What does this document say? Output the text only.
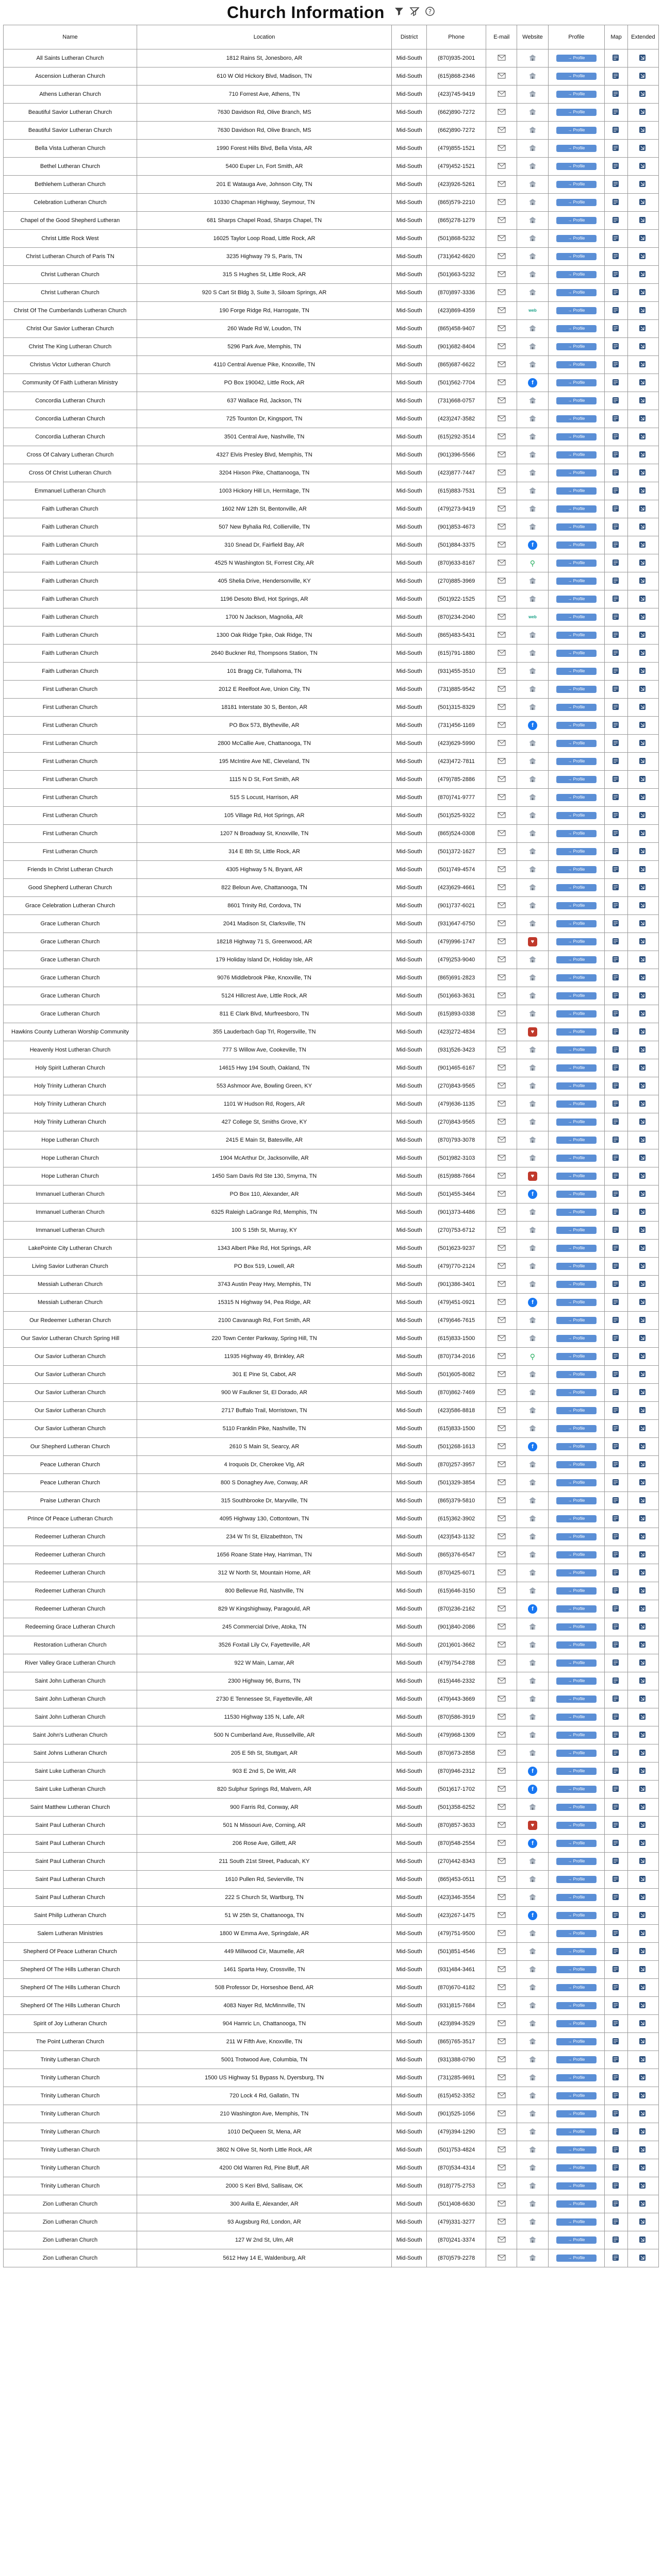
Church Information	?
Name	Location	District	Phone	E-mail	Website	Profile	Map	Extended
All Saints Lutheran Church	1812 Rains St, Jonesboro, AR	Mid-South	(870)935-2001			→ Profile		
Ascension Lutheran Church	610 W Old Hickory Blvd, Madison, TN	Mid-South	(615)868-2346			→ Profile		
Athens Lutheran Church	710 Forrest Ave, Athens, TN	Mid-South	(423)745-9419			→ Profile		
Beautiful Savior Lutheran Church	7630 Davidson Rd, Olive Branch, MS	Mid-South	(662)890-7272			→ Profile		
Beautiful Savior Lutheran Church	7630 Davidson Rd, Olive Branch, MS	Mid-South	(662)890-7272			→ Profile		
Bella Vista Lutheran Church	1990 Forest Hills Blvd, Bella Vista, AR	Mid-South	(479)855-1521			→ Profile		
Bethel Lutheran Church	5400 Euper Ln, Fort Smith, AR	Mid-South	(479)452-1521			→ Profile		
Bethlehem Lutheran Church	201 E Watauga Ave, Johnson City, TN	Mid-South	(423)926-5261			→ Profile		
Celebration Lutheran Church	10330 Chapman Highway, Seymour, TN	Mid-South	(865)579-2210			→ Profile		
Chapel of the Good Shepherd Lutheran	681 Sharps Chapel Road, Sharps Chapel, TN	Mid-South	(865)278-1279			→ Profile		
Christ Little Rock West	16025 Taylor Loop Road, Little Rock, AR	Mid-South	(501)868-5232			→ Profile		
Christ Lutheran Church of Paris TN	3235 Highway 79 S, Paris, TN	Mid-South	(731)642-6620			→ Profile		
Christ Lutheran Church	315 S Hughes St, Little Rock, AR	Mid-South	(501)663-5232			→ Profile		
Christ Lutheran Church	920 S Cart St Bldg 3, Suite 3, Siloam Springs, AR	Mid-South	(870)897-3336			→ Profile		
Christ Of The Cumberlands Lutheran Church	190 Forge Ridge Rd, Harrogate, TN	Mid-South	(423)869-4359		web	→ Profile		
Christ Our Savior Lutheran Church	260 Wade Rd W, Loudon, TN	Mid-South	(865)458-9407			→ Profile		
Christ The King Lutheran Church	5296 Park Ave, Memphis, TN	Mid-South	(901)682-8404			→ Profile		
Christus Victor Lutheran Church	4110 Central Avenue Pike, Knoxville, TN	Mid-South	(865)687-6622			→ Profile		
Community Of Faith Lutheran Ministry	PO Box 190042, Little Rock, AR	Mid-South	(501)562-7704		f	→ Profile		
Concordia Lutheran Church	637 Wallace Rd, Jackson, TN	Mid-South	(731)668-0757			→ Profile		
Concordia Lutheran Church	725 Tounton Dr, Kingsport, TN	Mid-South	(423)247-3582			→ Profile		
Concordia Lutheran Church	3501 Central Ave, Nashville, TN	Mid-South	(615)292-3514			→ Profile		
Cross Of Calvary Lutheran Church	4327 Elvis Presley Blvd, Memphis, TN	Mid-South	(901)396-5566			→ Profile		
Cross Of Christ Lutheran Church	3204 Hixson Pike, Chattanooga, TN	Mid-South	(423)877-7447			→ Profile		
Emmanuel Lutheran Church	1003 Hickory Hill Ln, Hermitage, TN	Mid-South	(615)883-7531			→ Profile		
Faith Lutheran Church	1602 NW 12th St, Bentonville, AR	Mid-South	(479)273-9419			→ Profile		
Faith Lutheran Church	507 New Byhalia Rd, Collierville, TN	Mid-South	(901)853-4673			→ Profile		
Faith Lutheran Church	310 Snead Dr, Fairfield Bay, AR	Mid-South	(501)884-3375		f	→ Profile		
Faith Lutheran Church	4525 N Washington St, Forrest City, AR	Mid-South	(870)633-8167		⚲	→ Profile		
Faith Lutheran Church	405 Shelia Drive, Hendersonville, KY	Mid-South	(270)885-3969			→ Profile		
Faith Lutheran Church	1196 Desoto Blvd, Hot Springs, AR	Mid-South	(501)922-1525			→ Profile		
Faith Lutheran Church	1700 N Jackson, Magnolia, AR	Mid-South	(870)234-2040		web	→ Profile		
Faith Lutheran Church	1300 Oak Ridge Tpke, Oak Ridge, TN	Mid-South	(865)483-5431			→ Profile		
Faith Lutheran Church	2640 Buckner Rd, Thompsons Station, TN	Mid-South	(615)791-1880			→ Profile		
Faith Lutheran Church	101 Bragg Cir, Tullahoma, TN	Mid-South	(931)455-3510			→ Profile		
First Lutheran Church	2012 E Reelfoot Ave, Union City, TN	Mid-South	(731)885-9542			→ Profile		
First Lutheran Church	18181 Interstate 30 S, Benton, AR	Mid-South	(501)315-8329			→ Profile		
First Lutheran Church	PO Box 573, Blytheville, AR	Mid-South	(731)456-1169		f	→ Profile		
First Lutheran Church	2800 McCallie Ave, Chattanooga, TN	Mid-South	(423)629-5990			→ Profile		
First Lutheran Church	195 McIntire Ave NE, Cleveland, TN	Mid-South	(423)472-7811			→ Profile		
First Lutheran Church	1115 N D St, Fort Smith, AR	Mid-South	(479)785-2886			→ Profile		
First Lutheran Church	515 S Locust, Harrison, AR	Mid-South	(870)741-9777			→ Profile		
First Lutheran Church	105 Village Rd, Hot Springs, AR	Mid-South	(501)525-9322			→ Profile		
First Lutheran Church	1207 N Broadway St, Knoxville, TN	Mid-South	(865)524-0308			→ Profile		
First Lutheran Church	314 E 8th St, Little Rock, AR	Mid-South	(501)372-1627			→ Profile		
Friends In Christ Lutheran Church	4305 Highway 5 N, Bryant, AR	Mid-South	(501)749-4574			→ Profile		
Good Shepherd Lutheran Church	822 Beloun Ave, Chattanooga, TN	Mid-South	(423)629-4661			→ Profile		
Grace Celebration Lutheran Church	8601 Trinity Rd, Cordova, TN	Mid-South	(901)737-6021			→ Profile		
Grace Lutheran Church	2041 Madison St, Clarksville, TN	Mid-South	(931)647-6750			→ Profile		
Grace Lutheran Church	18218 Highway 71 S, Greenwood, AR	Mid-South	(479)996-1747		♥	→ Profile		
Grace Lutheran Church	179 Holiday Island Dr, Holiday Isle, AR	Mid-South	(479)253-9040			→ Profile		
Grace Lutheran Church	9076 Middlebrook Pike, Knoxville, TN	Mid-South	(865)691-2823			→ Profile		
Grace Lutheran Church	5124 Hillcrest Ave, Little Rock, AR	Mid-South	(501)663-3631			→ Profile		
Grace Lutheran Church	811 E Clark Blvd, Murfreesboro, TN	Mid-South	(615)893-0338			→ Profile		
Hawkins County Lutheran Worship Community	355 Lauderbach Gap Trl, Rogersville, TN	Mid-South	(423)272-4834		♥	→ Profile		
Heavenly Host Lutheran Church	777 S Willow Ave, Cookeville, TN	Mid-South	(931)526-3423			→ Profile		
Holy Spirit Lutheran Church	14615 Hwy 194 South, Oakland, TN	Mid-South	(901)465-6167			→ Profile		
Holy Trinity Lutheran Church	553 Ashmoor Ave, Bowling Green, KY	Mid-South	(270)843-9565			→ Profile		
Holy Trinity Lutheran Church	1101 W Hudson Rd, Rogers, AR	Mid-South	(479)636-1135			→ Profile		
Holy Trinity Lutheran Church	427 College St, Smiths Grove, KY	Mid-South	(270)843-9565			→ Profile		
Hope Lutheran Church	2415 E Main St, Batesville, AR	Mid-South	(870)793-3078			→ Profile		
Hope Lutheran Church	1904 McArthur Dr, Jacksonville, AR	Mid-South	(501)982-3103			→ Profile		
Hope Lutheran Church	1450 Sam Davis Rd Ste 130, Smyrna, TN	Mid-South	(615)988-7664		♥	→ Profile		
Immanuel Lutheran Church	PO Box 110, Alexander, AR	Mid-South	(501)455-3464		f	→ Profile		
Immanuel Lutheran Church	6325 Raleigh LaGrange Rd, Memphis, TN	Mid-South	(901)373-4486			→ Profile		
Immanuel Lutheran Church	100 S 15th St, Murray, KY	Mid-South	(270)753-6712			→ Profile		
LakePointe City Lutheran Church	1343 Albert Pike Rd, Hot Springs, AR	Mid-South	(501)623-9237			→ Profile		
Living Savior Lutheran Church	PO Box 519, Lowell, AR	Mid-South	(479)770-2124			→ Profile		
Messiah Lutheran Church	3743 Austin Peay Hwy, Memphis, TN	Mid-South	(901)386-3401			→ Profile		
Messiah Lutheran Church	15315 N Highway 94, Pea Ridge, AR	Mid-South	(479)451-0921		f	→ Profile		
Our Redeemer Lutheran Church	2100 Cavanaugh Rd, Fort Smith, AR	Mid-South	(479)646-7615			→ Profile		
Our Savior Lutheran Church Spring Hill	220 Town Center Parkway, Spring Hill, TN	Mid-South	(615)833-1500			→ Profile		
Our Savior Lutheran Church	11935 Highway 49, Brinkley, AR	Mid-South	(870)734-2016		⚲	→ Profile		
Our Savior Lutheran Church	301 E Pine St, Cabot, AR	Mid-South	(501)605-8082			→ Profile		
Our Savior Lutheran Church	900 W Faulkner St, El Dorado, AR	Mid-South	(870)862-7469			→ Profile		
Our Savior Lutheran Church	2717 Buffalo Trail, Morristown, TN	Mid-South	(423)586-8818			→ Profile		
Our Savior Lutheran Church	5110 Franklin Pike, Nashville, TN	Mid-South	(615)833-1500			→ Profile		
Our Shepherd Lutheran Church	2610 S Main St, Searcy, AR	Mid-South	(501)268-1613		f	→ Profile		
Peace Lutheran Church	4 Iroquois Dr, Cherokee Vlg, AR	Mid-South	(870)257-3957			→ Profile		
Peace Lutheran Church	800 S Donaghey Ave, Conway, AR	Mid-South	(501)329-3854			→ Profile		
Praise Lutheran Church	315 Southbrooke Dr, Maryville, TN	Mid-South	(865)379-5810			→ Profile		
Prince Of Peace Lutheran Church	4095 Highway 130, Cottontown, TN	Mid-South	(615)362-3902			→ Profile		
Redeemer Lutheran Church	234 W Tri St, Elizabethton, TN	Mid-South	(423)543-1132			→ Profile		
Redeemer Lutheran Church	1656 Roane State Hwy, Harriman, TN	Mid-South	(865)376-6547			→ Profile		
Redeemer Lutheran Church	312 W North St, Mountain Home, AR	Mid-South	(870)425-6071			→ Profile		
Redeemer Lutheran Church	800 Bellevue Rd, Nashville, TN	Mid-South	(615)646-3150			→ Profile		
Redeemer Lutheran Church	829 W Kingshighway, Paragould, AR	Mid-South	(870)236-2162		f	→ Profile		
Redeeming Grace Lutheran Church	245 Commercial Drive, Atoka, TN	Mid-South	(901)840-2086			→ Profile		
Restoration Lutheran Church	3526 Foxtail Lily Cv, Fayetteville, AR	Mid-South	(201)601-3662			→ Profile		
River Valley Grace Lutheran Church	922 W Main, Lamar, AR	Mid-South	(479)754-2788			→ Profile		
Saint John Lutheran Church	2300 Highway 96, Burns, TN	Mid-South	(615)446-2332			→ Profile		
Saint John Lutheran Church	2730 E Tennessee St, Fayetteville, AR	Mid-South	(479)443-3669			→ Profile		
Saint John Lutheran Church	11530 Highway 135 N, Lafe, AR	Mid-South	(870)586-3919			→ Profile		
Saint John's Lutheran Church	500 N Cumberland Ave, Russellville, AR	Mid-South	(479)968-1309			→ Profile		
Saint Johns Lutheran Church	205 E 5th St, Stuttgart, AR	Mid-South	(870)673-2858			→ Profile		
Saint Luke Lutheran Church	903 E 2nd S, De Witt, AR	Mid-South	(870)946-2312		f	→ Profile		
Saint Luke Lutheran Church	820 Sulphur Springs Rd, Malvern, AR	Mid-South	(501)617-1702		f	→ Profile		
Saint Matthew Lutheran Church	900 Farris Rd, Conway, AR	Mid-South	(501)358-6252			→ Profile		
Saint Paul Lutheran Church	501 N Missouri Ave, Corning, AR	Mid-South	(870)857-3633		♥	→ Profile		
Saint Paul Lutheran Church	206 Rose Ave, Gillett, AR	Mid-South	(870)548-2554		f	→ Profile		
Saint Paul Lutheran Church	211 South 21st Street, Paducah, KY	Mid-South	(270)442-8343			→ Profile		
Saint Paul Lutheran Church	1610 Pullen Rd, Sevierville, TN	Mid-South	(865)453-0511			→ Profile		
Saint Paul Lutheran Church	222 S Church St, Wartburg, TN	Mid-South	(423)346-3554			→ Profile		
Saint Philip Lutheran Church	51 W 25th St, Chattanooga, TN	Mid-South	(423)267-1475		f	→ Profile		
Salem Lutheran Ministries	1800 W Emma Ave, Springdale, AR	Mid-South	(479)751-9500			→ Profile		
Shepherd Of Peace Lutheran Church	449 Millwood Cir, Maumelle, AR	Mid-South	(501)851-4546			→ Profile		
Shepherd Of The Hills Lutheran Church	1461 Sparta Hwy, Crossville, TN	Mid-South	(931)484-3461			→ Profile		
Shepherd Of The Hills Lutheran Church	508 Professor Dr, Horseshoe Bend, AR	Mid-South	(870)670-4182			→ Profile		
Shepherd Of The Hills Lutheran Church	4083 Nayer Rd, McMinnville, TN	Mid-South	(931)815-7684			→ Profile		
Spirit of Joy Lutheran Church	904 Hamric Ln, Chattanooga, TN	Mid-South	(423)894-3529			→ Profile		
The Point Lutheran Church	211 W Fifth Ave, Knoxville, TN	Mid-South	(865)765-3517			→ Profile		
Trinity Lutheran Church	5001 Trotwood Ave, Columbia, TN	Mid-South	(931)388-0790			→ Profile		
Trinity Lutheran Church	1500 US Highway 51 Bypass N, Dyersburg, TN	Mid-South	(731)285-9691			→ Profile		
Trinity Lutheran Church	720 Lock 4 Rd, Gallatin, TN	Mid-South	(615)452-3352			→ Profile		
Trinity Lutheran Church	210 Washington Ave, Memphis, TN	Mid-South	(901)525-1056			→ Profile		
Trinity Lutheran Church	1010 DeQueen St, Mena, AR	Mid-South	(479)394-1290			→ Profile		
Trinity Lutheran Church	3802 N Olive St, North Little Rock, AR	Mid-South	(501)753-4824			→ Profile		
Trinity Lutheran Church	4200 Old Warren Rd, Pine Bluff, AR	Mid-South	(870)534-4314			→ Profile		
Trinity Lutheran Church	2000 S Keri Blvd, Sallisaw, OK	Mid-South	(918)775-2753			→ Profile		
Zion Lutheran Church	300 Avilla E, Alexander, AR	Mid-South	(501)408-6630			→ Profile		
Zion Lutheran Church	93 Augsburg Rd, London, AR	Mid-South	(479)331-3277			→ Profile		
Zion Lutheran Church	127 W 2nd St, Ulm, AR	Mid-South	(870)241-3374			→ Profile		
Zion Lutheran Church	5612 Hwy 14 E, Waldenburg, AR	Mid-South	(870)579-2278			→ Profile		
